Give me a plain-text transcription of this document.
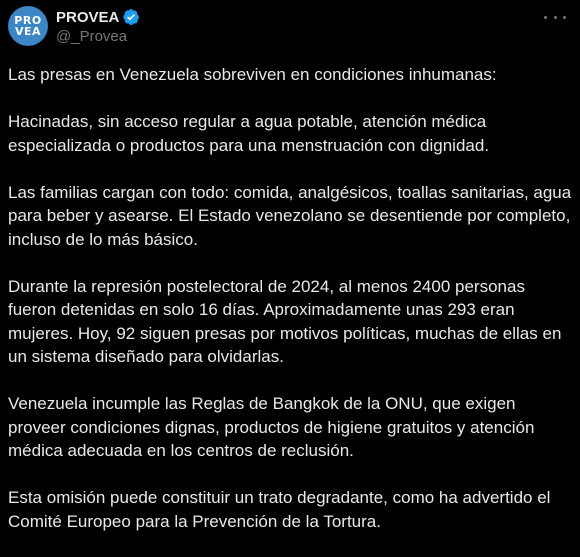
PRO
VEA
PROVEA
@_Provea

Las presas en Venezuela sobreviven en condiciones inhumanas:

Hacinadas, sin acceso regular a agua potable, atención médica especializada o productos para una menstruación con dignidad.

Las familias cargan con todo: comida, analgésicos, toallas sanitarias, agua para beber y asearse. El Estado venezolano se desentiende por completo, incluso de lo más básico.

Durante la represión postelectoral de 2024, al menos 2400 personas fueron detenidas en solo 16 días. Aproximadamente unas 293 eran mujeres. Hoy, 92 siguen presas por motivos políticas, muchas de ellas en un sistema diseñado para olvidarlas.

Venezuela incumple las Reglas de Bangkok de la ONU, que exigen proveer condiciones dignas, productos de higiene gratuitos y atención médica adecuada en los centros de reclusión.

Esta omisión puede constituir un trato degradante, como ha advertido el Comité Europeo para la Prevención de la Tortura.
